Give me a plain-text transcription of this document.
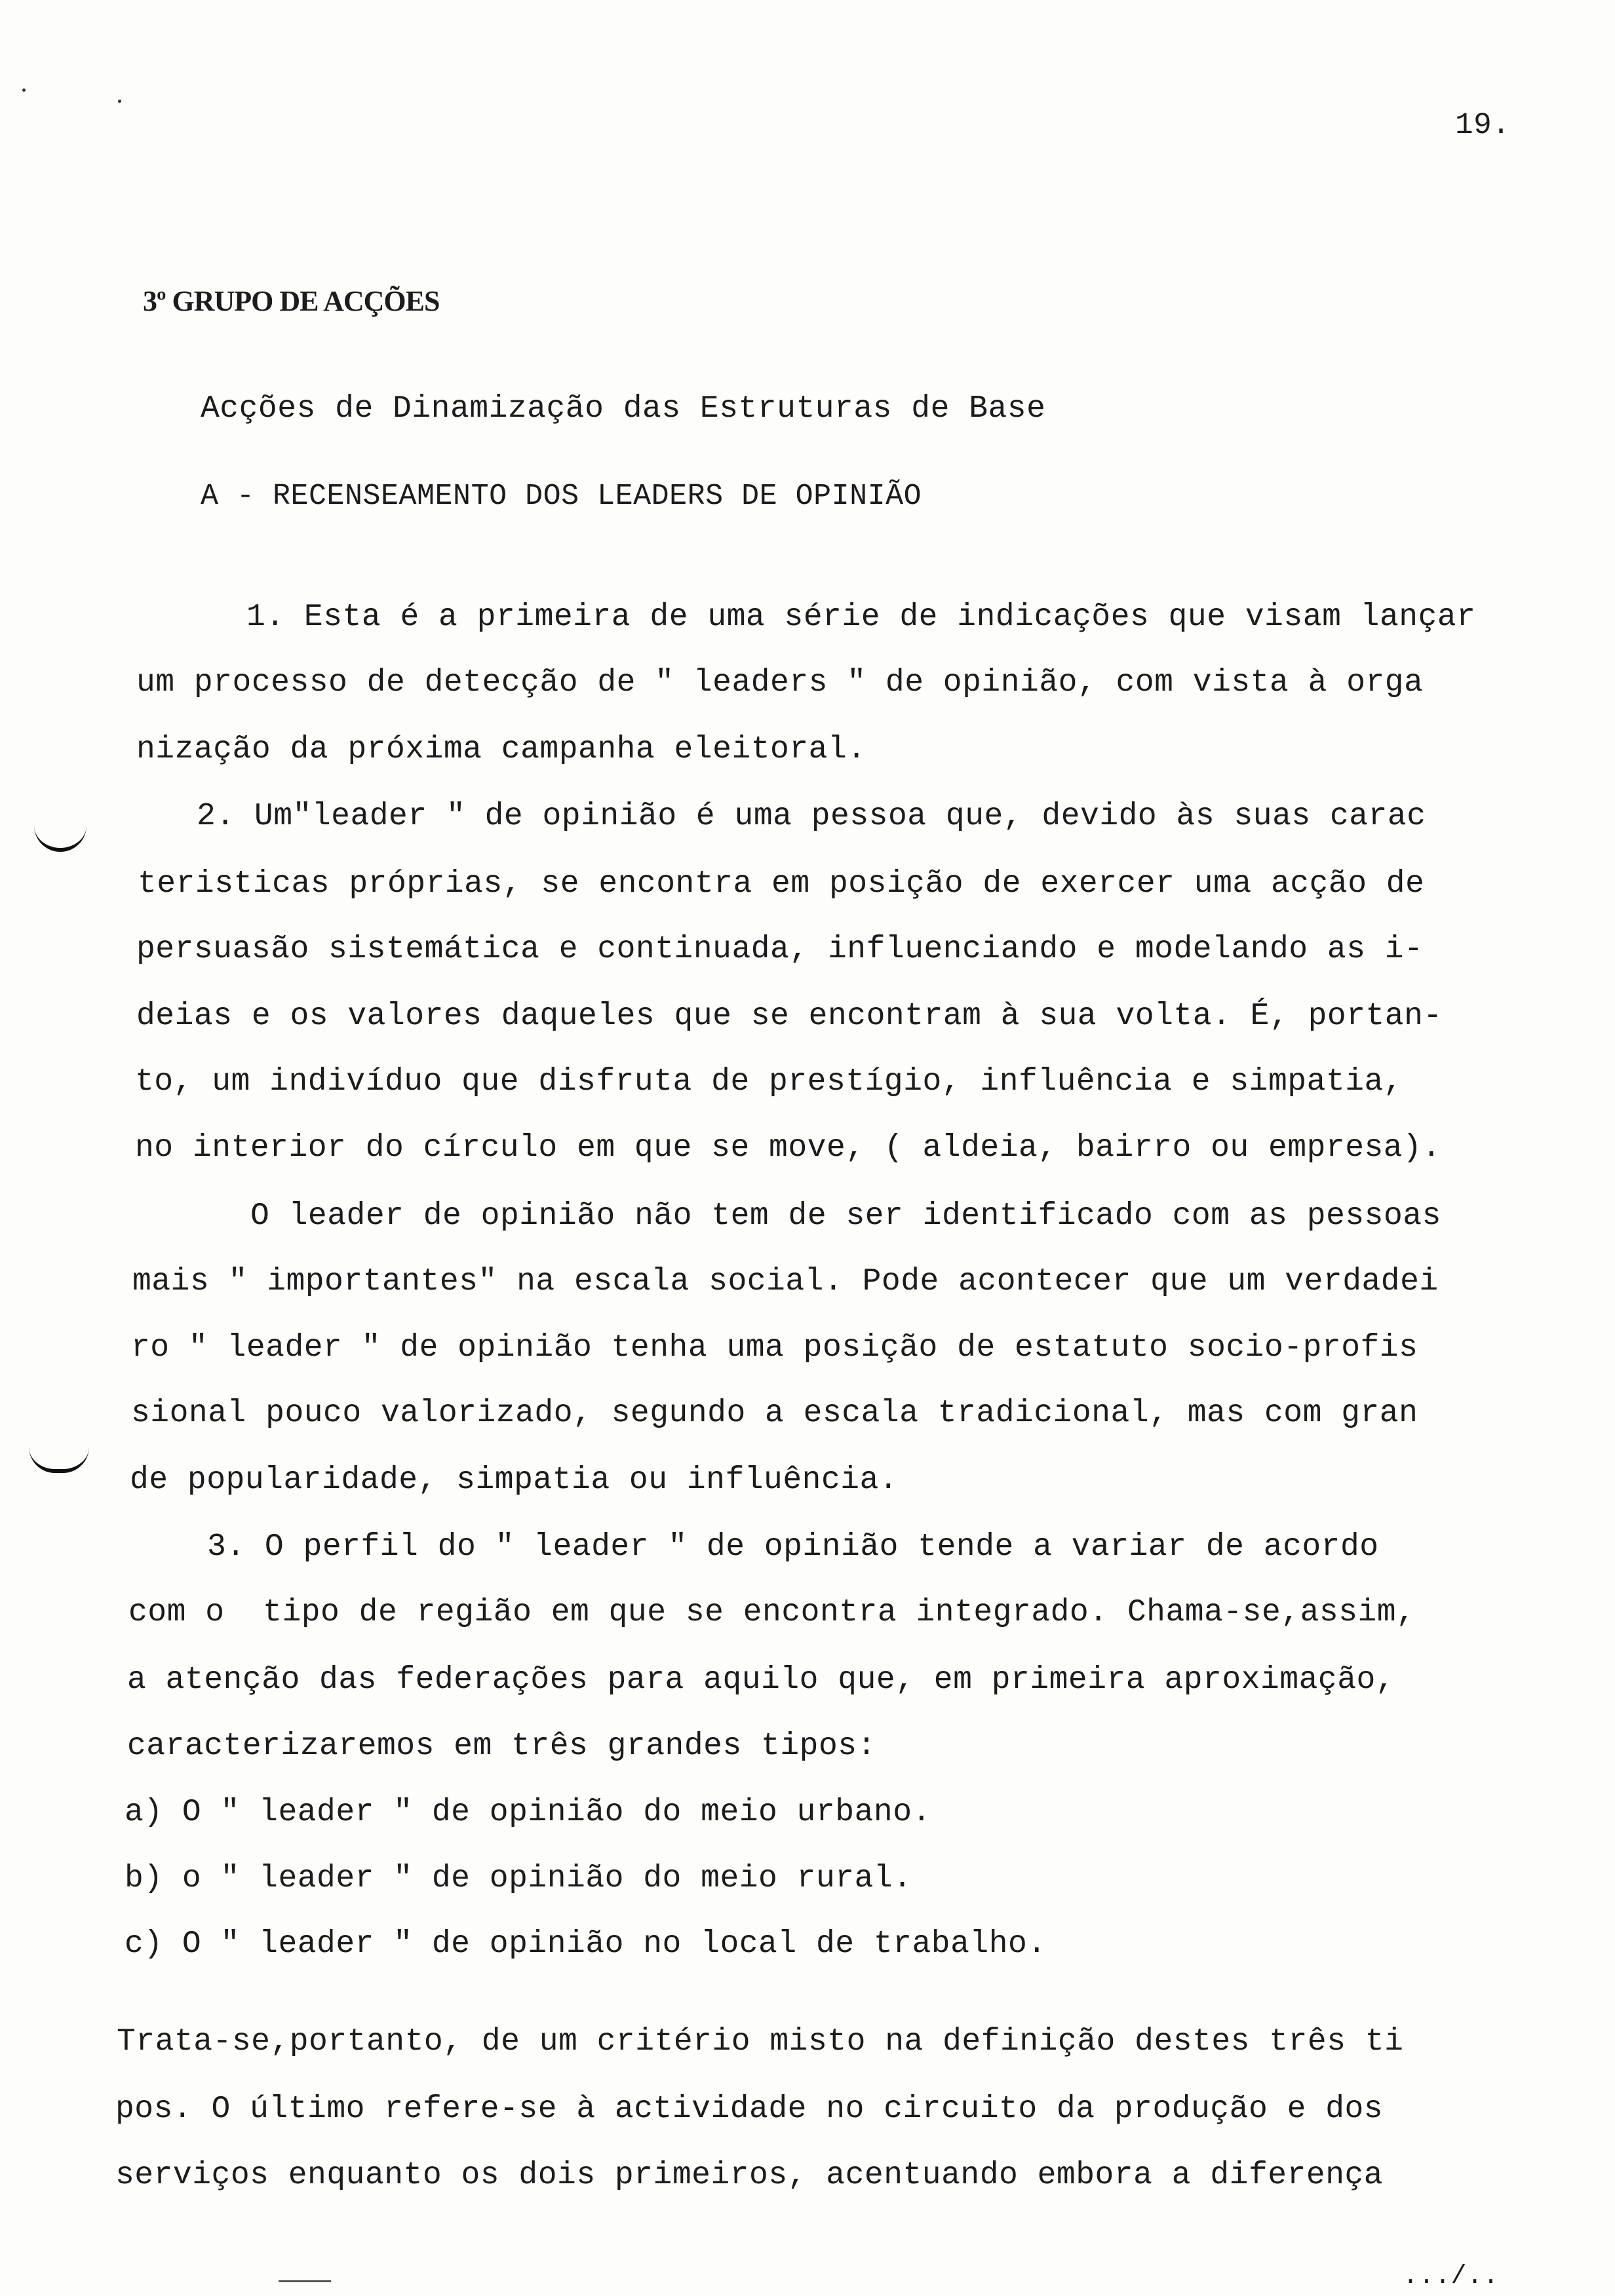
19.
3º GRUPO DE ACÇÕES
Acções de Dinamização das Estruturas de Base
A - RECENSEAMENTO DOS LEADERS DE OPINIÃO
1. Esta é a primeira de uma série de indicações que visam lançar
um processo de detecção de " leaders " de opinião, com vista à orga
nização da próxima campanha eleitoral.
2. Um"leader " de opinião é uma pessoa que, devido às suas carac
teristicas próprias, se encontra em posição de exercer uma acção de
persuasão sistemática e continuada, influenciando e modelando as i-
deias e os valores daqueles que se encontram à sua volta. É, portan-
to, um indivíduo que disfruta de prestígio, influência e simpatia,
no interior do círculo em que se move, ( aldeia, bairro ou empresa).
O leader de opinião não tem de ser identificado com as pessoas
mais " importantes" na escala social. Pode acontecer que um verdadei
ro " leader " de opinião tenha uma posição de estatuto socio-profis
sional pouco valorizado, segundo a escala tradicional, mas com gran
de popularidade, simpatia ou influência.
3. O perfil do " leader " de opinião tende a variar de acordo
com o  tipo de região em que se encontra integrado. Chama-se,assim,
a atenção das federações para aquilo que, em primeira aproximação,
caracterizaremos em três grandes tipos:
a) O " leader " de opinião do meio urbano.
b) o " leader " de opinião do meio rural.
c) O " leader " de opinião no local de trabalho.
Trata-se,portanto, de um critério misto na definição destes três ti
pos. O último refere-se à actividade no circuito da produção e dos
serviços enquanto os dois primeiros, acentuando embora a diferença
.../..
